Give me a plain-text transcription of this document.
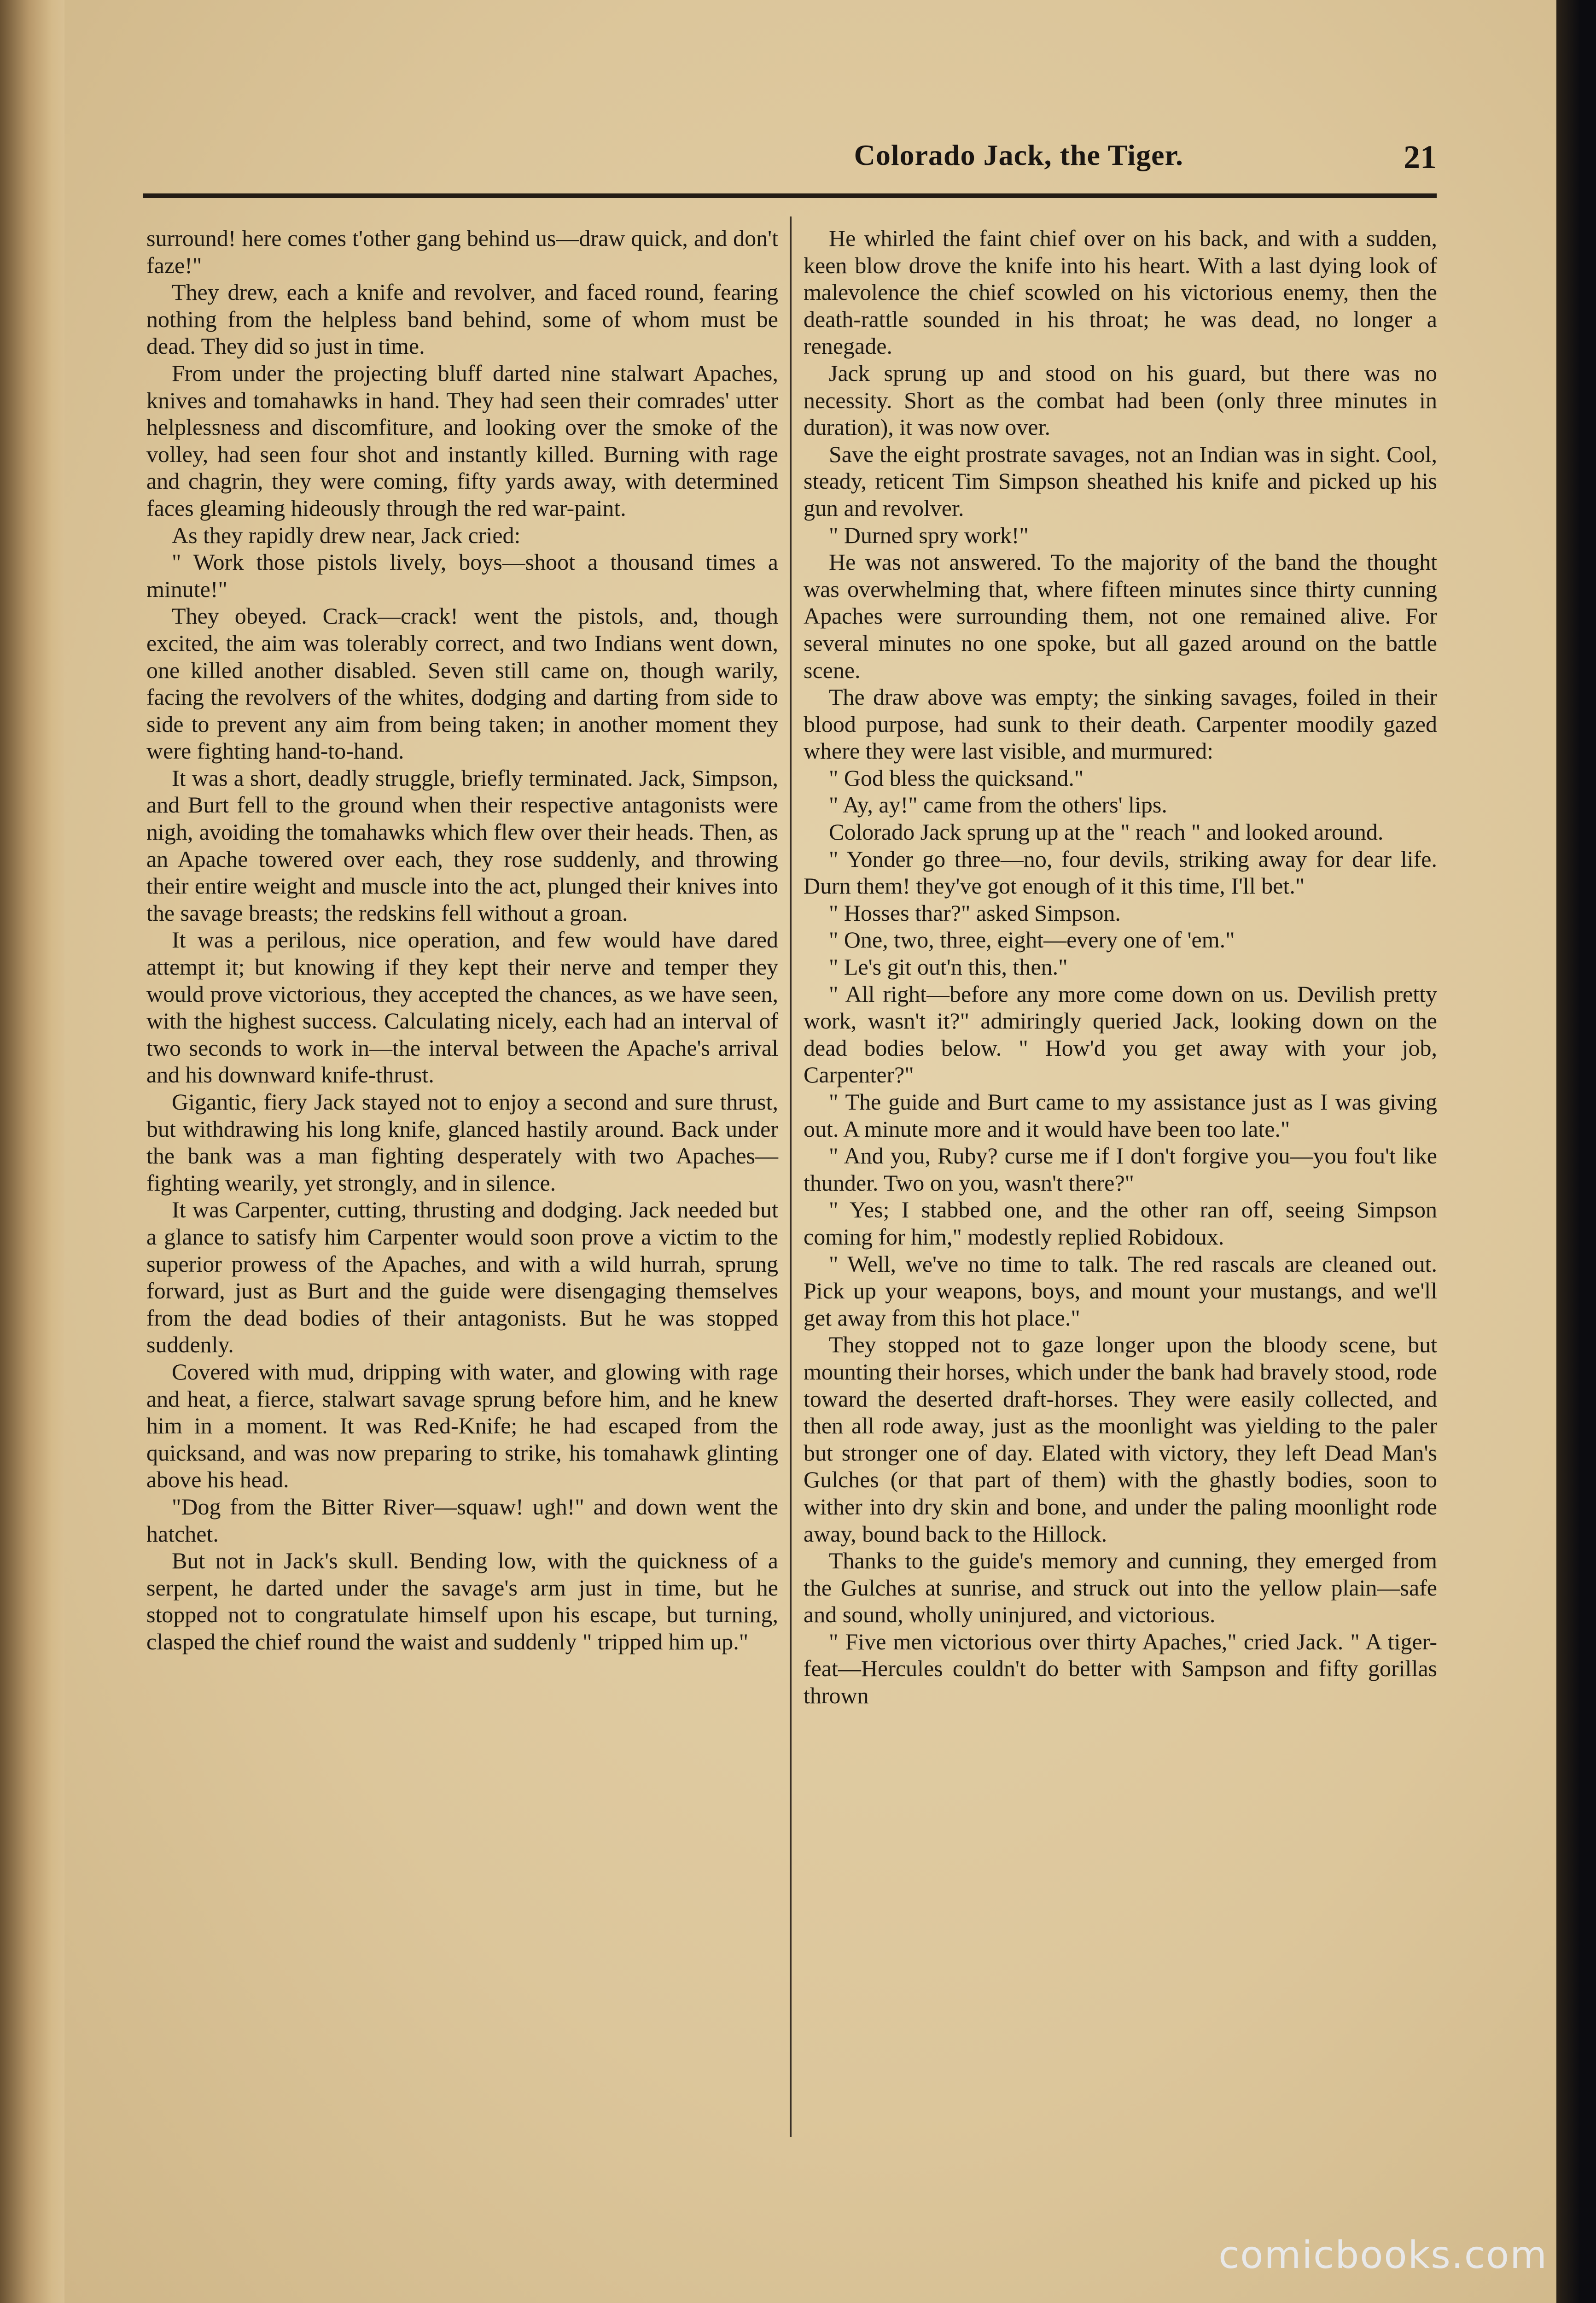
Colorado Jack, the Tiger.	21

surround! here comes t'other gang behind us—draw quick, and don't faze!"

They drew, each a knife and revolver, and faced round, fearing nothing from the helpless band behind, some of whom must be dead. They did so just in time.

From under the projecting bluff darted nine stalwart Apaches, knives and tomahawks in hand. They had seen their comrades' utter helplessness and discomfiture, and looking over the smoke of the volley, had seen four shot and instantly killed. Burning with rage and chagrin, they were coming, fifty yards away, with determined faces gleaming hideously through the red war-paint.

As they rapidly drew near, Jack cried:

" Work those pistols lively, boys—shoot a thousand times a minute!"

They obeyed. Crack—crack! went the pistols, and, though excited, the aim was tolerably correct, and two Indians went down, one killed another disabled. Seven still came on, though warily, facing the revolvers of the whites, dodging and darting from side to side to prevent any aim from being taken; in another moment they were fighting hand-to-hand.

It was a short, deadly struggle, briefly terminated. Jack, Simpson, and Burt fell to the ground when their respective antagonists were nigh, avoiding the tomahawks which flew over their heads. Then, as an Apache towered over each, they rose suddenly, and throwing their entire weight and muscle into the act, plunged their knives into the savage breasts; the redskins fell without a groan.

It was a perilous, nice operation, and few would have dared attempt it; but knowing if they kept their nerve and temper they would prove victorious, they accepted the chances, as we have seen, with the highest success. Calculating nicely, each had an interval of two seconds to work in—the interval between the Apache's arrival and his downward knife-thrust.

Gigantic, fiery Jack stayed not to enjoy a second and sure thrust, but withdrawing his long knife, glanced hastily around. Back under the bank was a man fighting desperately with two Apaches—fighting wearily, yet strongly, and in silence.

It was Carpenter, cutting, thrusting and dodging. Jack needed but a glance to satisfy him Carpenter would soon prove a victim to the superior prowess of the Apaches, and with a wild hurrah, sprung forward, just as Burt and the guide were disengaging themselves from the dead bodies of their antagonists. But he was stopped suddenly.

Covered with mud, dripping with water, and glowing with rage and heat, a fierce, stalwart savage sprung before him, and he knew him in a moment. It was Red-Knife; he had escaped from the quicksand, and was now preparing to strike, his tomahawk glinting above his head.

"Dog from the Bitter River—squaw! ugh!" and down went the hatchet.

But not in Jack's skull. Bending low, with the quickness of a serpent, he darted under the savage's arm just in time, but he stopped not to congratulate himself upon his escape, but turning, clasped the chief round the waist and suddenly " tripped him up."

He whirled the faint chief over on his back, and with a sudden, keen blow drove the knife into his heart. With a last dying look of malevolence the chief scowled on his victorious enemy, then the death-rattle sounded in his throat; he was dead, no longer a renegade.

Jack sprung up and stood on his guard, but there was no necessity. Short as the combat had been (only three minutes in duration), it was now over.

Save the eight prostrate savages, not an Indian was in sight. Cool, steady, reticent Tim Simpson sheathed his knife and picked up his gun and revolver.

" Durned spry work!"

He was not answered. To the majority of the band the thought was overwhelming that, where fifteen minutes since thirty cunning Apaches were surrounding them, not one remained alive. For several minutes no one spoke, but all gazed around on the battle scene.

The draw above was empty; the sinking savages, foiled in their blood purpose, had sunk to their death. Carpenter moodily gazed where they were last visible, and murmured:

" God bless the quicksand."

" Ay, ay!" came from the others' lips.

Colorado Jack sprung up at the " reach " and looked around.

" Yonder go three—no, four devils, striking away for dear life. Durn them! they've got enough of it this time, I'll bet."

" Hosses thar?" asked Simpson.

" One, two, three, eight—every one of 'em."

" Le's git out'n this, then."

" All right—before any more come down on us. Devilish pretty work, wasn't it?" admiringly queried Jack, looking down on the dead bodies below. " How'd you get away with your job, Carpenter?"

" The guide and Burt came to my assistance just as I was giving out. A minute more and it would have been too late."

" And you, Ruby? curse me if I don't forgive you—you fou't like thunder. Two on you, wasn't there?"

" Yes; I stabbed one, and the other ran off, seeing Simpson coming for him," modestly replied Robidoux.

" Well, we've no time to talk. The red rascals are cleaned out. Pick up your weapons, boys, and mount your mustangs, and we'll get away from this hot place."

They stopped not to gaze longer upon the bloody scene, but mounting their horses, which under the bank had bravely stood, rode toward the deserted draft-horses. They were easily collected, and then all rode away, just as the moonlight was yielding to the paler but stronger one of day. Elated with victory, they left Dead Man's Gulches (or that part of them) with the ghastly bodies, soon to wither into dry skin and bone, and under the paling moonlight rode away, bound back to the Hillock.

Thanks to the guide's memory and cunning, they emerged from the Gulches at sunrise, and struck out into the yellow plain—safe and sound, wholly uninjured, and victorious.

" Five men victorious over thirty Apaches," cried Jack. " A tiger-feat—Hercules couldn't do better with Sampson and fifty gorillas thrown

comicbooks.com
